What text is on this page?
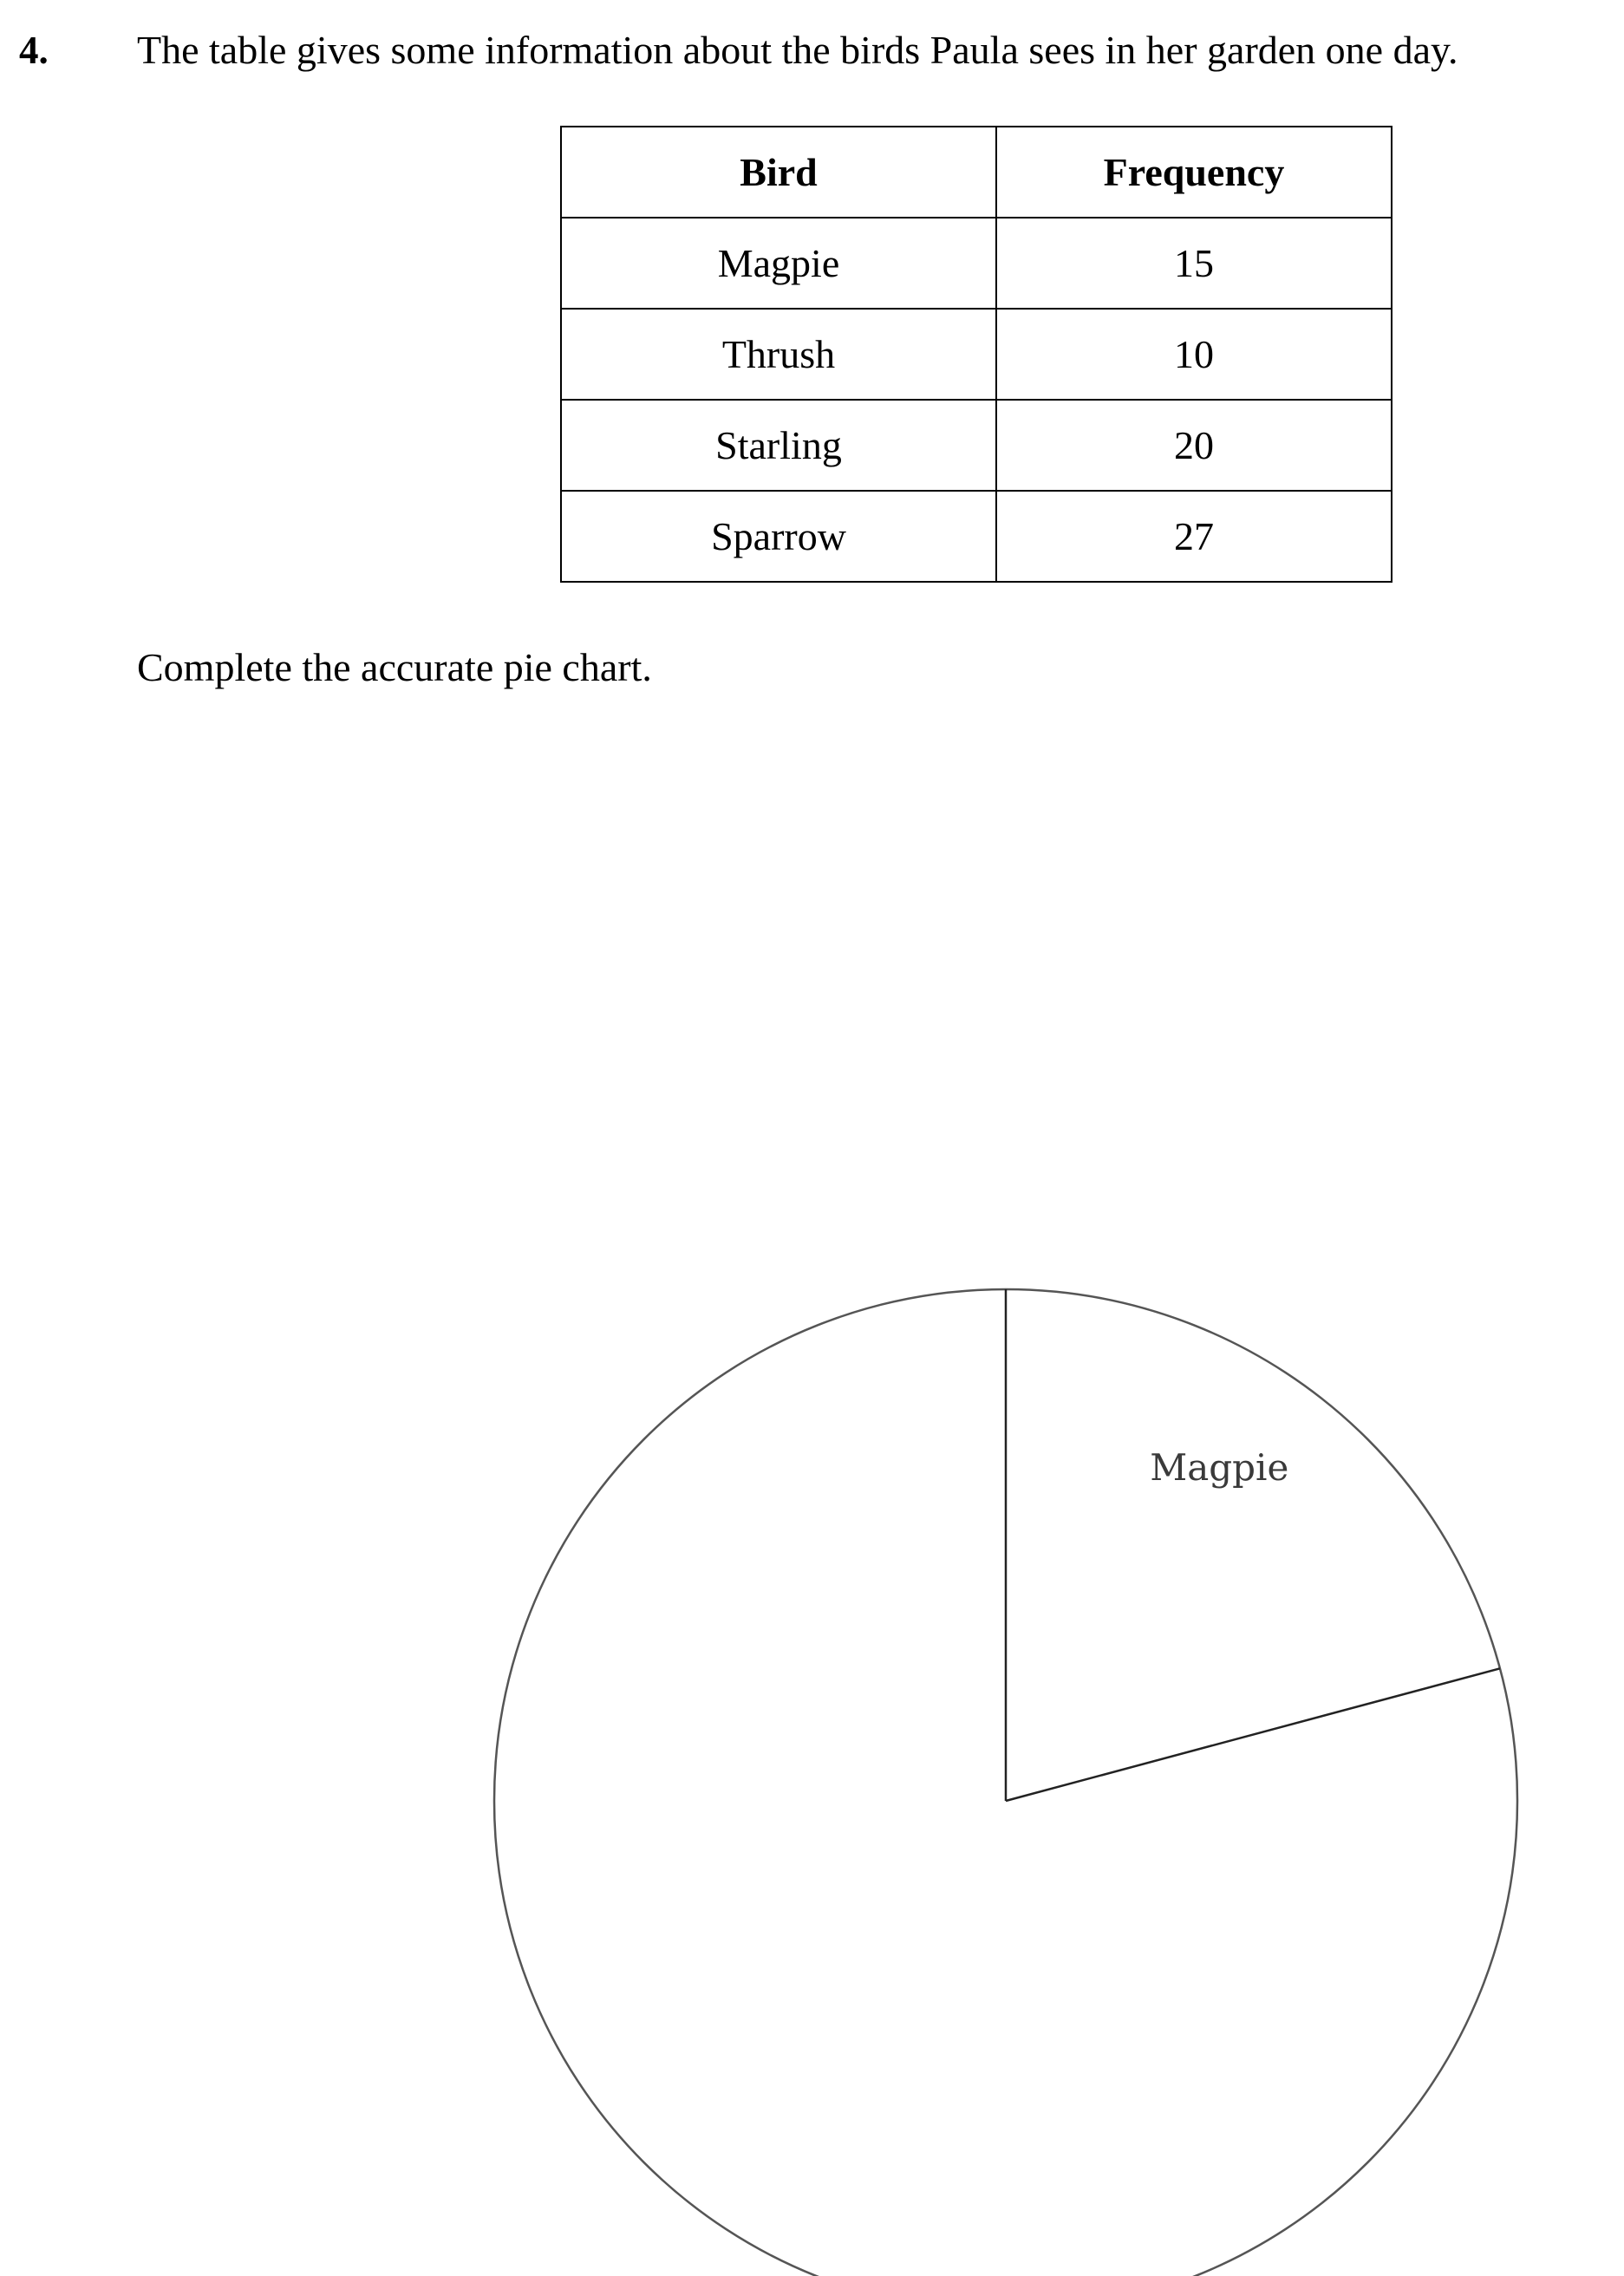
4. The table gives some information about the birds Paula sees in her garden one day.
Bird	Frequency
Magpie	15
Thrush	10
Starling	20
Sparrow	27
Complete the accurate pie chart.
Magpie
